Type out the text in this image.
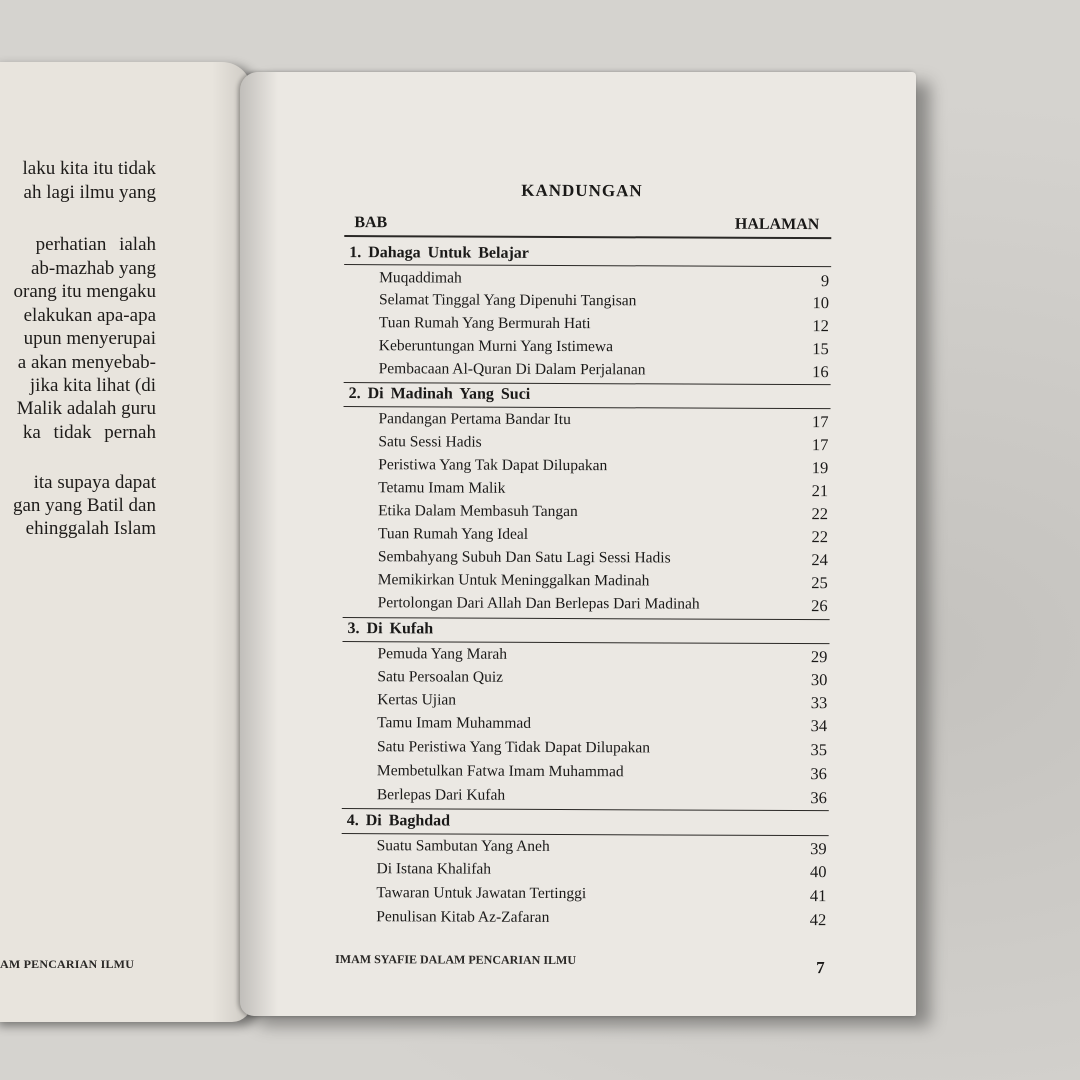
laku kita itu tidak
ah lagi ilmu yang
perhatian ialah
ab-mazhab yang
orang itu mengaku
elakukan apa-apa
upun menyerupai
a akan menyebab-
jika kita lihat (di
Malik adalah guru
ka tidak pernah
ita supaya dapat
gan yang Batil dan
ehinggalah Islam
AM PENCARIAN ILMU
KANDUNGAN
BAB	HALAMAN
1. Dahaga Untuk Belajar
Muqaddimah	9
Selamat Tinggal Yang Dipenuhi Tangisan	10
Tuan Rumah Yang Bermurah Hati	12
Keberuntungan Murni Yang Istimewa	15
Pembacaan Al-Quran Di Dalam Perjalanan	16
2. Di Madinah Yang Suci
Pandangan Pertama Bandar Itu	17
Satu Sessi Hadis	17
Peristiwa Yang Tak Dapat Dilupakan	19
Tetamu Imam Malik	21
Etika Dalam Membasuh Tangan	22
Tuan Rumah Yang Ideal	22
Sembahyang Subuh Dan Satu Lagi Sessi Hadis	24
Memikirkan Untuk Meninggalkan Madinah	25
Pertolongan Dari Allah Dan Berlepas Dari Madinah	26
3. Di Kufah
Pemuda Yang Marah	29
Satu Persoalan Quiz	30
Kertas Ujian	33
Tamu Imam Muhammad	34
Satu Peristiwa Yang Tidak Dapat Dilupakan	35
Membetulkan Fatwa Imam Muhammad	36
Berlepas Dari Kufah	36
4. Di Baghdad
Suatu Sambutan Yang Aneh	39
Di Istana Khalifah	40
Tawaran Untuk Jawatan Tertinggi	41
Penulisan Kitab Az-Zafaran	42
IMAM SYAFIE DALAM PENCARIAN ILMU	7
